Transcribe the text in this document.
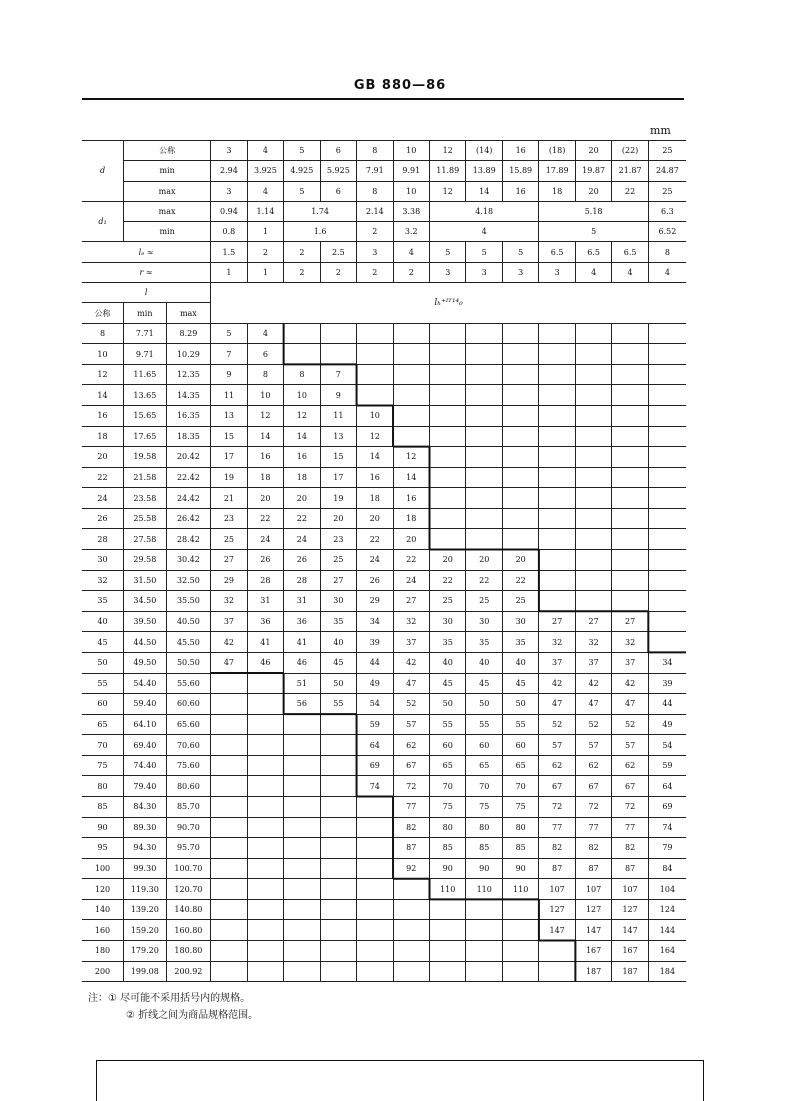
GB 880—86
mm
d	公称		3	4	5	6	8	10	12	(14)	16	(18)	20	(22)	25
	min		2.94	3.925	4.925	5.925	7.91	9.91	11.89	13.89	15.89	17.89	19.87	21.87	24.87
	max		3	4	5	6	8	10	12	14	16	18	20	22	25
d₁	max		0.94	1.14	1.74		2.14	3.38	4.18			5.18			6.3
	min		0.8	1	1.6		2	3.2	4			5			6.52
lₑ ≈			1.5	2	2	2.5	3	4	5	5	5	6.5	6.5	6.5	8
r ≈			1	1	2	2	2	2	3	3	3	3	4	4	4
l			lₕ⁺ᴵᵀ¹⁴₀												
公称	min	max													
8	7.71	8.29	5	4											
10	9.71	10.29	7	6											
12	11.65	12.35	9	8	8	7									
14	13.65	14.35	11	10	10	9									
16	15.65	16.35	13	12	12	11	10								
18	17.65	18.35	15	14	14	13	12								
20	19.58	20.42	17	16	16	15	14	12							
22	21.58	22.42	19	18	18	17	16	14							
24	23.58	24.42	21	20	20	19	18	16							
26	25.58	26.42	23	22	22	20	20	18							
28	27.58	28.42	25	24	24	23	22	20							
30	29.58	30.42	27	26	26	25	24	22	20	20	20				
32	31.50	32.50	29	28	28	27	26	24	22	22	22				
35	34.50	35.50	32	31	31	30	29	27	25	25	25				
40	39.50	40.50	37	36	36	35	34	32	30	30	30	27	27	27	
45	44.50	45.50	42	41	41	40	39	37	35	35	35	32	32	32	
50	49.50	50.50	47	46	46	45	44	42	40	40	40	37	37	37	34
55	54.40	55.60			51	50	49	47	45	45	45	42	42	42	39
60	59.40	60.60			56	55	54	52	50	50	50	47	47	47	44
65	64.10	65.60					59	57	55	55	55	52	52	52	49
70	69.40	70.60					64	62	60	60	60	57	57	57	54
75	74.40	75.60					69	67	65	65	65	62	62	62	59
80	79.40	80.60					74	72	70	70	70	67	67	67	64
85	84.30	85.70						77	75	75	75	72	72	72	69
90	89.30	90.70						82	80	80	80	77	77	77	74
95	94.30	95.70						87	85	85	85	82	82	82	79
100	99.30	100.70						92	90	90	90	87	87	87	84
120	119.30	120.70							110	110	110	107	107	107	104
140	139.20	140.80										127	127	127	124
160	159.20	160.80										147	147	147	144
180	179.20	180.80											167	167	164
200	199.08	200.92											187	187	184
注：① 尽可能不采用括号内的规格。
② 折线之间为商品规格范围。
